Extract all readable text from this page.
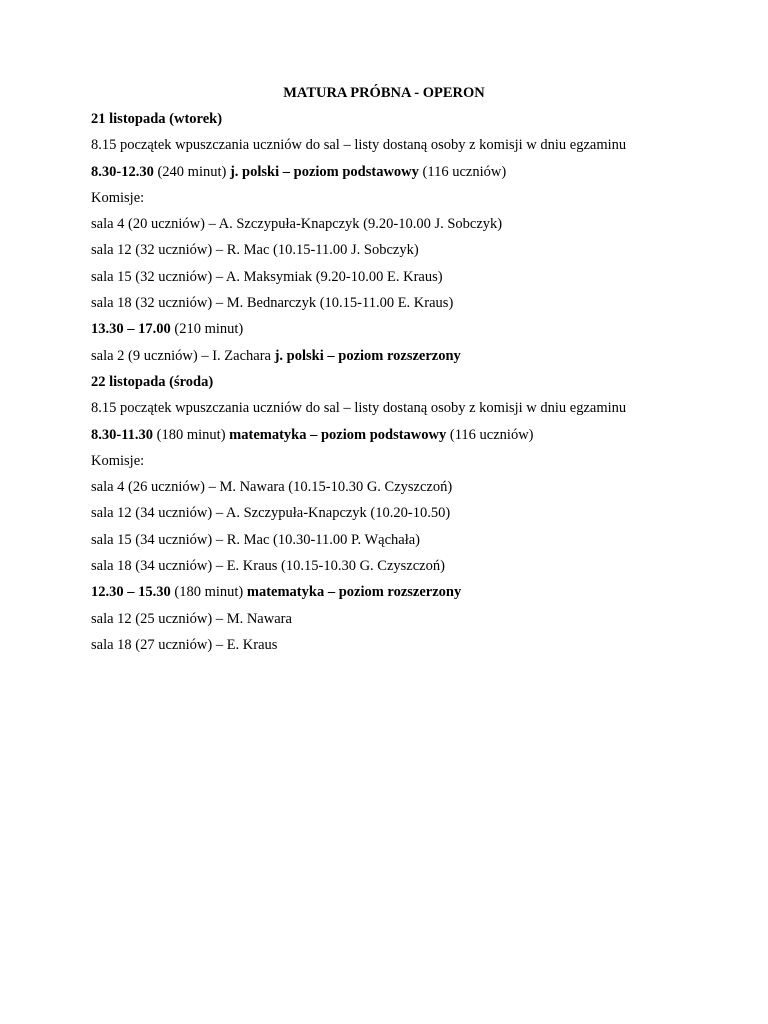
MATURA PRÓBNA - OPERON
21 listopada (wtorek)
8.15 początek wpuszczania uczniów do sal – listy dostaną osoby z komisji w dniu egzaminu
8.30-12.30 (240 minut) j. polski – poziom podstawowy (116 uczniów)
Komisje:
sala 4 (20 uczniów) – A. Szczypuła-Knapczyk (9.20-10.00 J. Sobczyk)
sala 12 (32 uczniów) – R. Mac (10.15-11.00 J. Sobczyk)
sala 15 (32 uczniów) – A. Maksymiak (9.20-10.00 E. Kraus)
sala 18 (32 uczniów) – M. Bednarczyk (10.15-11.00 E. Kraus)
13.30 – 17.00 (210 minut)
sala 2 (9 uczniów) – I. Zachara j. polski – poziom rozszerzony
22 listopada (środa)
8.15 początek wpuszczania uczniów do sal – listy dostaną osoby z komisji w dniu egzaminu
8.30-11.30 (180 minut) matematyka – poziom podstawowy (116 uczniów)
Komisje:
sala 4 (26 uczniów) – M. Nawara (10.15-10.30 G. Czyszczoń)
sala 12 (34 uczniów) – A. Szczypuła-Knapczyk (10.20-10.50)
sala 15 (34 uczniów) – R. Mac (10.30-11.00 P. Wąchała)
sala 18 (34 uczniów) – E. Kraus (10.15-10.30 G. Czyszczoń)
12.30 – 15.30 (180 minut) matematyka – poziom rozszerzony
sala 12 (25 uczniów) – M. Nawara
sala 18 (27 uczniów) – E. Kraus
